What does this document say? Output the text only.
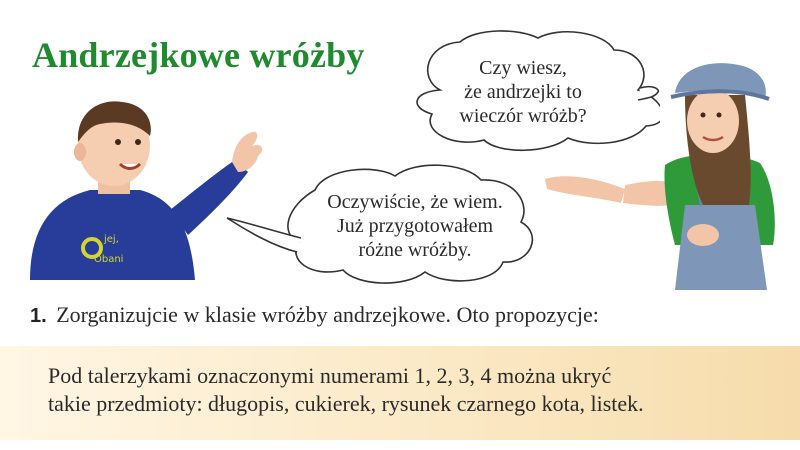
Andrzejkowe wróżby	Czy wiesz,
że andrzejki to
wieczór wróżb?
Oczywiście, że wiem.
Już przygotowałem
różne wróżby.
jej,
Obani
1. Zorganizujcie w klasie wróżby andrzejkowe. Oto propozycje:
Pod talerzykami oznaczonymi numerami 1, 2, 3, 4 można ukryć
takie przedmioty: długopis, cukierek, rysunek czarnego kota, listek.
